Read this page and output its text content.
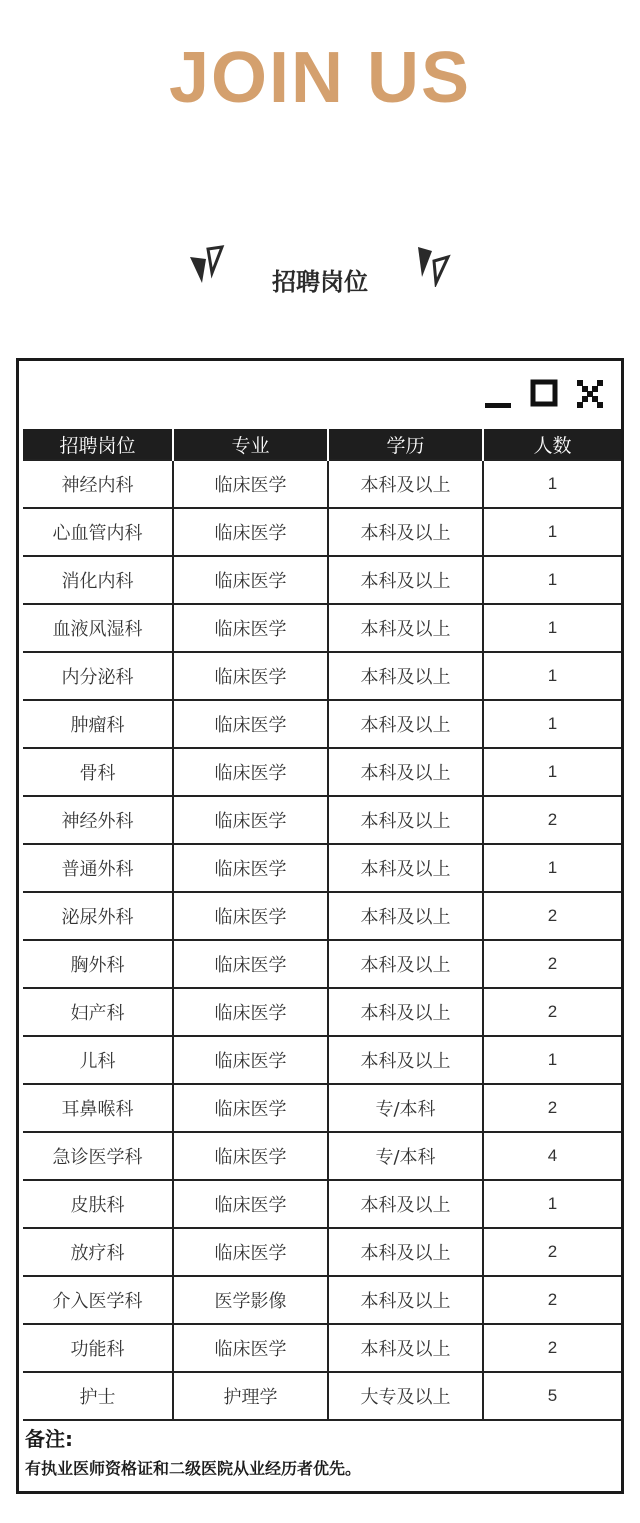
JOIN US
招聘岗位
招聘岗位	专业	学历	人数
神经内科	临床医学	本科及以上	1
心血管内科	临床医学	本科及以上	1
消化内科	临床医学	本科及以上	1
血液风湿科	临床医学	本科及以上	1
内分泌科	临床医学	本科及以上	1
肿瘤科	临床医学	本科及以上	1
骨科	临床医学	本科及以上	1
神经外科	临床医学	本科及以上	2
普通外科	临床医学	本科及以上	1
泌尿外科	临床医学	本科及以上	2
胸外科	临床医学	本科及以上	2
妇产科	临床医学	本科及以上	2
儿科	临床医学	本科及以上	1
耳鼻喉科	临床医学	专/本科	2
急诊医学科	临床医学	专/本科	4
皮肤科	临床医学	本科及以上	1
放疗科	临床医学	本科及以上	2
介入医学科	医学影像	本科及以上	2
功能科	临床医学	本科及以上	2
护士	护理学	大专及以上	5
备注:
有执业医师资格证和二级医院从业经历者优先。
